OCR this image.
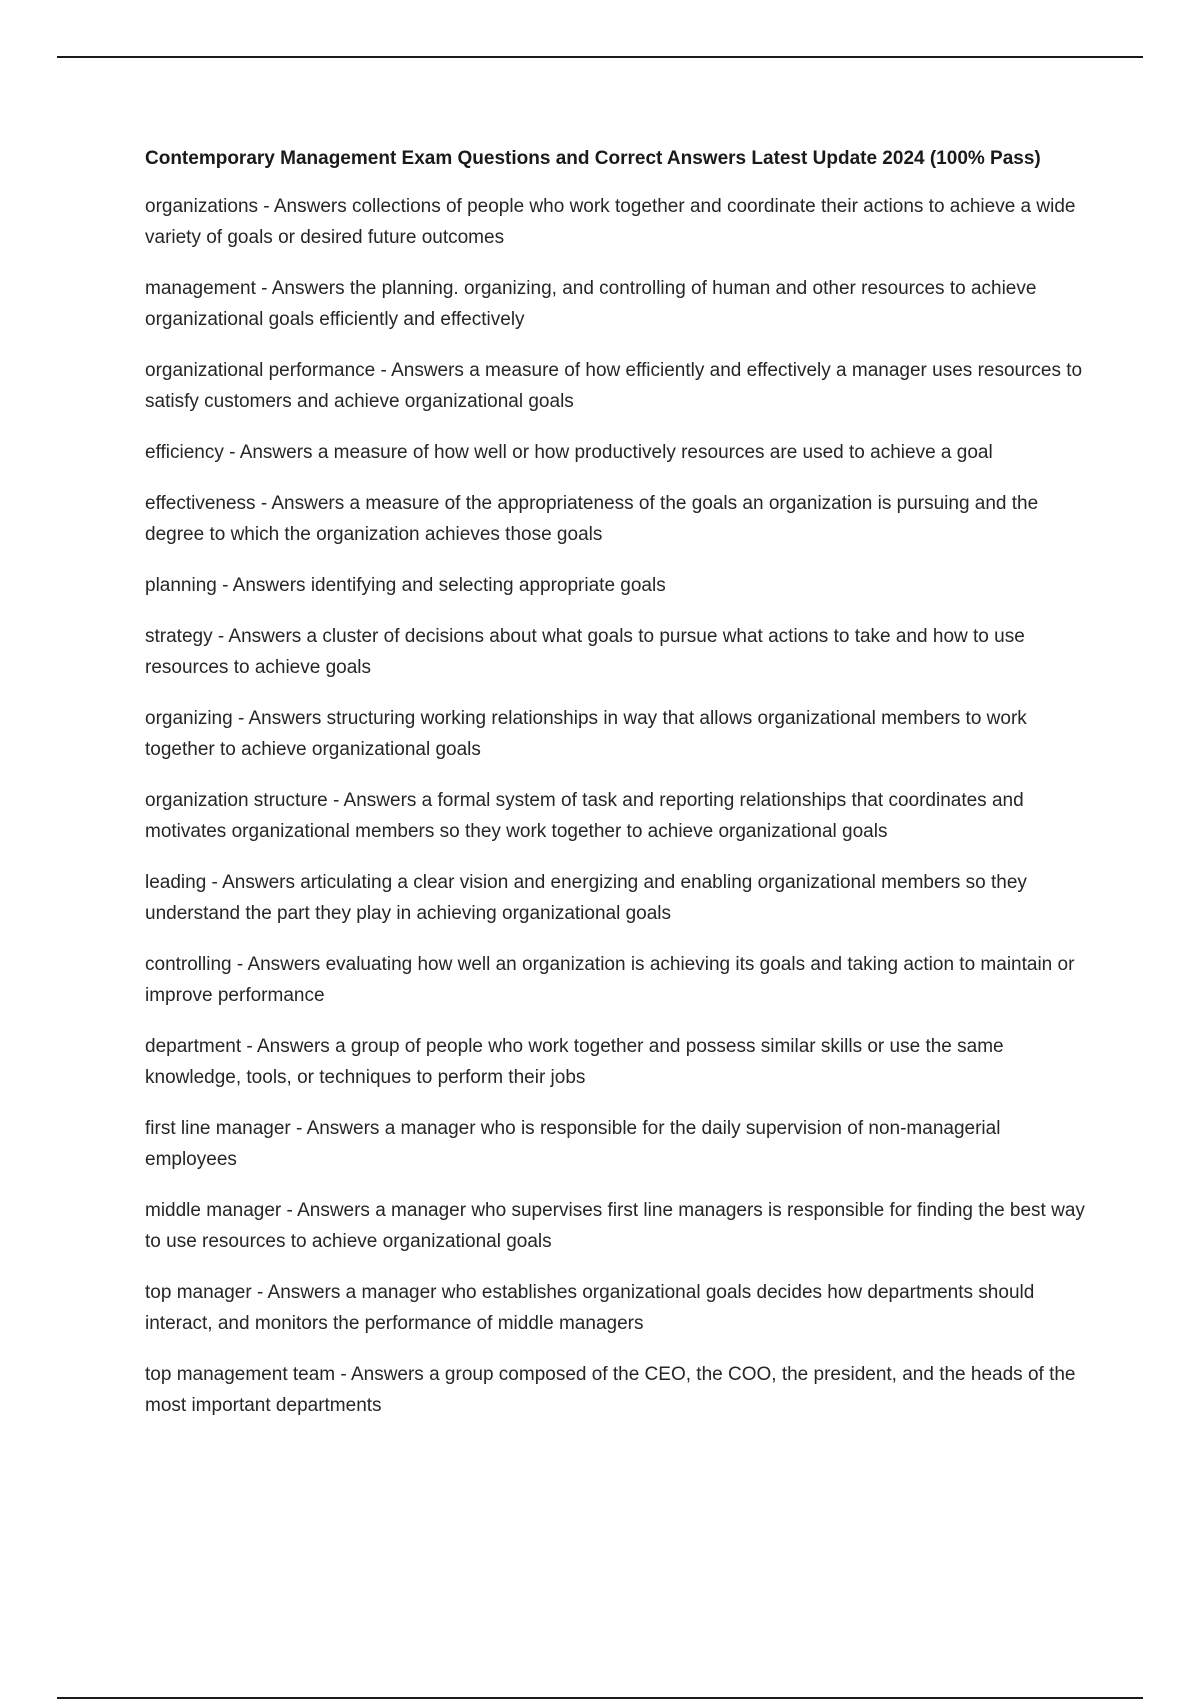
Contemporary Management Exam Questions and Correct Answers Latest Update 2024 (100% Pass)

organizations - Answers collections of people who work together and coordinate their actions to achieve a wide variety of goals or desired future outcomes

management - Answers the planning. organizing, and controlling of human and other resources to achieve organizational goals efficiently and effectively

organizational performance - Answers a measure of how efficiently and effectively a manager uses resources to satisfy customers and achieve organizational goals

efficiency - Answers a measure of how well or how productively resources are used to achieve a goal

effectiveness - Answers a measure of the appropriateness of the goals an organization is pursuing and the degree to which the organization achieves those goals

planning - Answers identifying and selecting appropriate goals

strategy - Answers a cluster of decisions about what goals to pursue what actions to take and how to use resources to achieve goals

organizing - Answers structuring working relationships in way that allows organizational members to work together to achieve organizational goals

organization structure - Answers a formal system of task and reporting relationships that coordinates and motivates organizational members so they work together to achieve organizational goals

leading - Answers articulating a clear vision and energizing and enabling organizational members so they understand the part they play in achieving organizational goals

controlling - Answers evaluating how well an organization is achieving its goals and taking action to maintain or improve performance

department - Answers a group of people who work together and possess similar skills or use the same knowledge, tools, or techniques to perform their jobs

first line manager - Answers a manager who is responsible for the daily supervision of non-managerial employees

middle manager - Answers a manager who supervises first line managers is responsible for finding the best way to use resources to achieve organizational goals

top manager - Answers a manager who establishes organizational goals decides how departments should interact, and monitors the performance of middle managers

top management team - Answers a group composed of the CEO, the COO, the president, and the heads of the most important departments
